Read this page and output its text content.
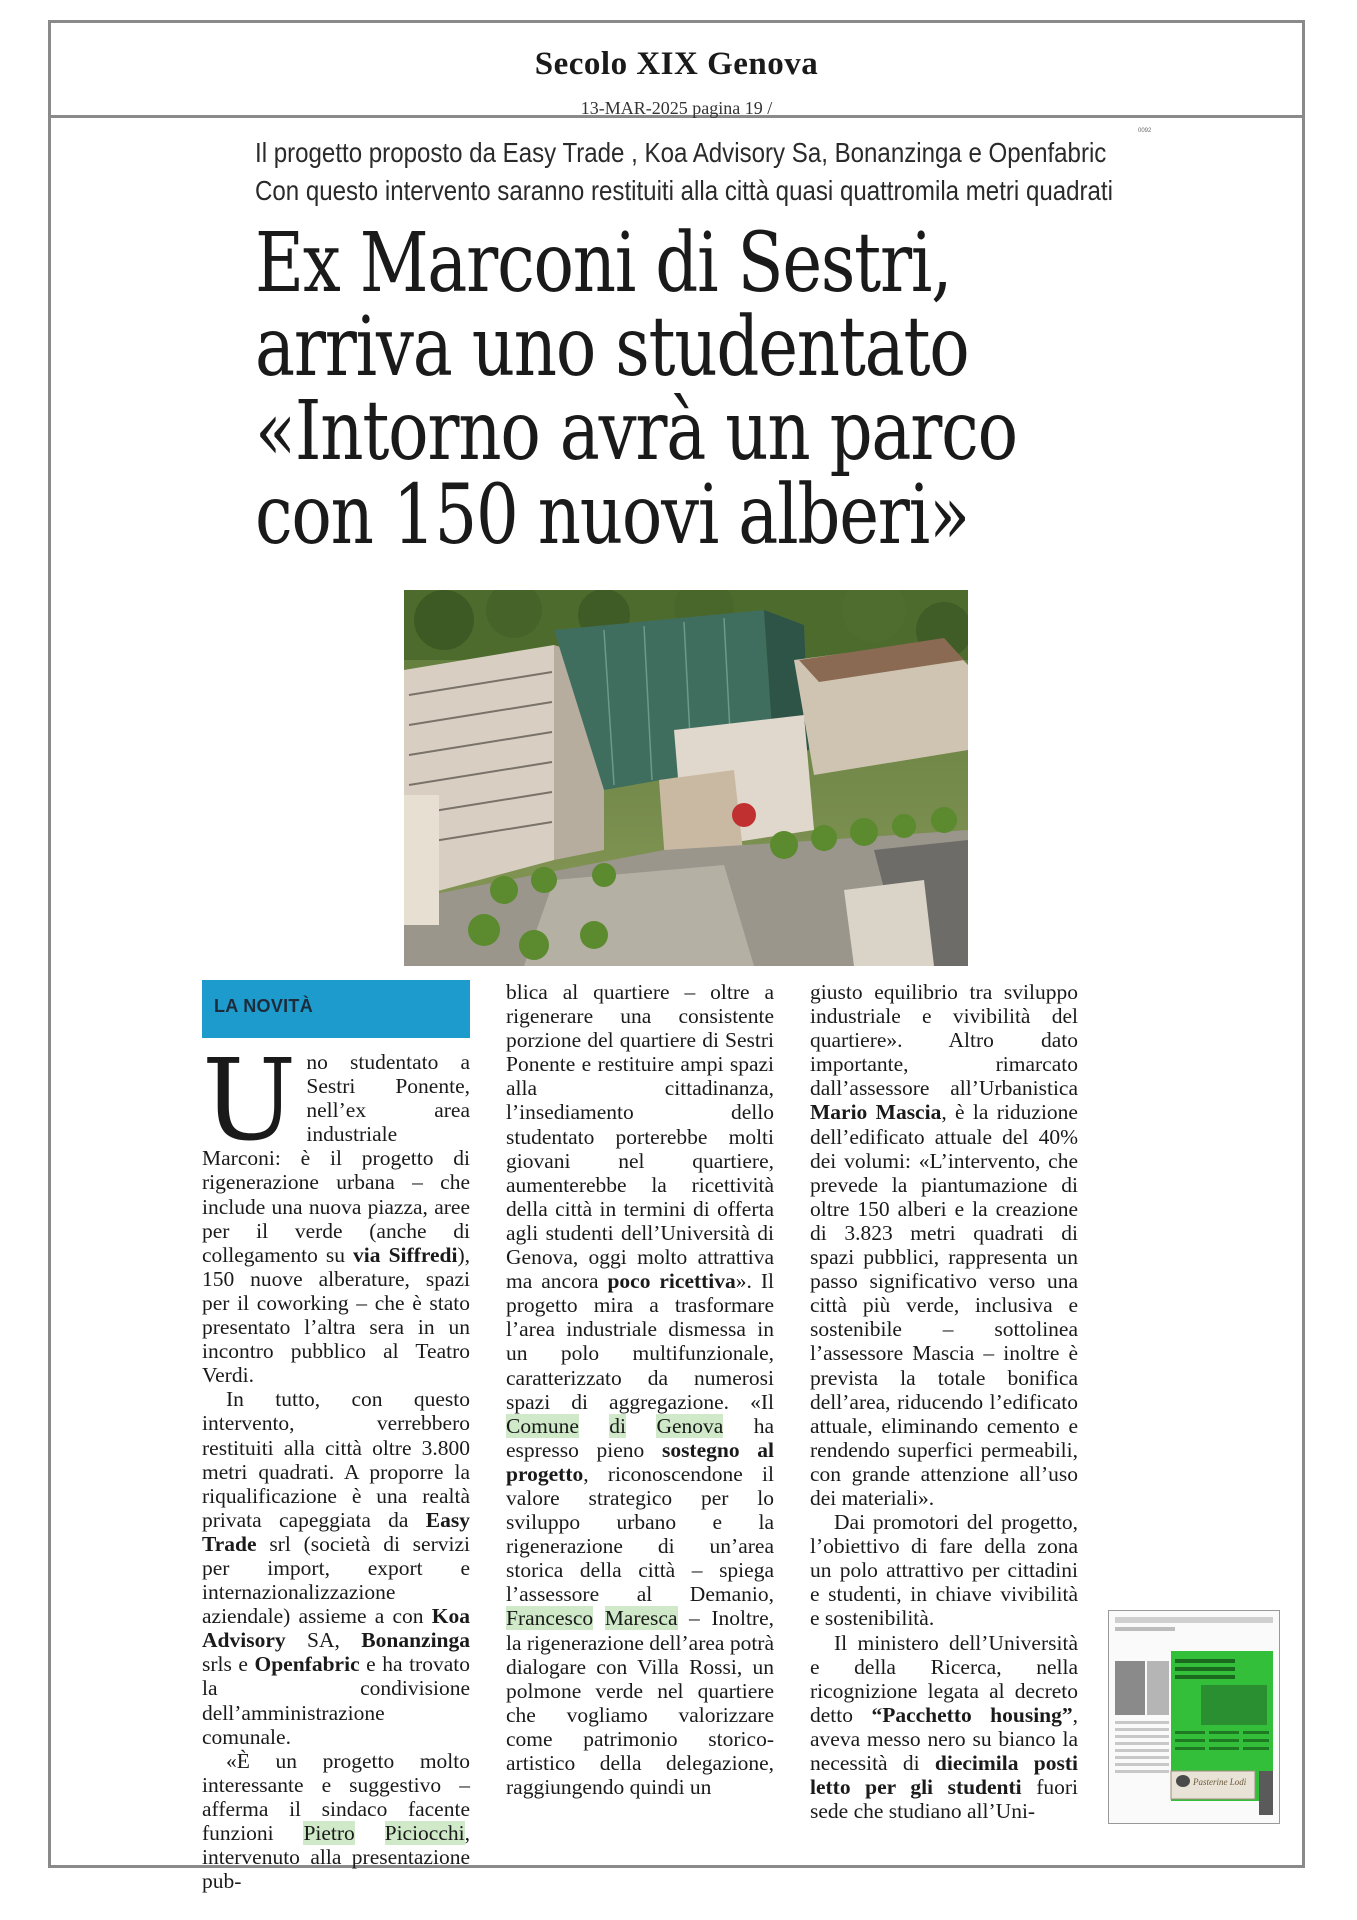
Secolo XIX Genova
13-MAR-2025 pagina 19 /
0092
Il progetto proposto da Easy Trade , Koa Advisory Sa, Bonanzinga e Openfabric
Con questo intervento saranno restituiti alla città quasi quattromila metri quadrati
Ex Marconi di Sestri,
arriva uno studentato
«Intorno avrà un parco
con 150 nuovi alberi»
LA NOVITÀ

Uno studentato a Sestri Ponente, nell’ex area industriale Marconi: è il progetto di rigenerazione urbana – che include una nuova piazza, aree per il verde (anche di collegamento su via Siffredi), 150 nuove alberature, spazi per il coworking – che è stato presentato l’altra sera in un incontro pubblico al Teatro Verdi.

In tutto, con questo intervento, verrebbero restituiti alla città oltre 3.800 metri quadrati. A proporre la riqualificazione è una realtà privata capeggiata da Easy Trade srl (società di servizi per import, export e internazionalizzazione aziendale) assieme a con Koa Advisory SA, Bonanzinga srls e Openfabric e ha trovato la condivisione dell’amministrazione comunale.

«È un progetto molto interessante e suggestivo – afferma il sindaco facente funzioni Pietro Piciocchi, intervenuto alla presentazione pub-

blica al quartiere – oltre a rigenerare una consistente porzione del quartiere di Sestri Ponente e restituire ampi spazi alla cittadinanza, l’insediamento dello studentato porterebbe molti giovani nel quartiere, aumenterebbe la ricettività della città in termini di offerta agli studenti dell’Università di Genova, oggi molto attrattiva ma ancora poco ricettiva». Il progetto mira a trasformare l’area industriale dismessa in un polo multifunzionale, caratterizzato da numerosi spazi di aggregazione. «Il Comune di Genova ha espresso pieno sostegno al progetto, riconoscendone il valore strategico per lo sviluppo urbano e la rigenerazione di un’area storica della città – spiega l’assessore al Demanio, Francesco Maresca – Inoltre, la rigenerazione dell’area potrà dialogare con Villa Rossi, un polmone verde nel quartiere che vogliamo valorizzare come patrimonio storico-artistico della delegazione, raggiungendo quindi un

giusto equilibrio tra sviluppo industriale e vivibilità del quartiere». Altro dato importante, rimarcato dall’assessore all’Urbanistica Mario Mascia, è la riduzione dell’edificato attuale del 40% dei volumi: «L’intervento, che prevede la piantumazione di oltre 150 alberi e la creazione di 3.823 metri quadrati di spazi pubblici, rappresenta un passo significativo verso una città più verde, inclusiva e sostenibile – sottolinea l’assessore Mascia – inoltre è prevista la totale bonifica dell’area, riducendo l’edificato attuale, eliminando cemento e rendendo superfici permeabili, con grande attenzione all’uso dei materiali».

Dai promotori del progetto, l’obiettivo di fare della zona un polo attrattivo per cittadini e studenti, in chiave vivibilità e sostenibilità.

Il ministero dell’Università e della Ricerca, nella ricognizione legata al decreto detto “Pacchetto housing”, aveva messo nero su bianco la necessità di diecimila posti letto per gli studenti fuori sede che studiano all’Uni-

Pasterine Lodi
